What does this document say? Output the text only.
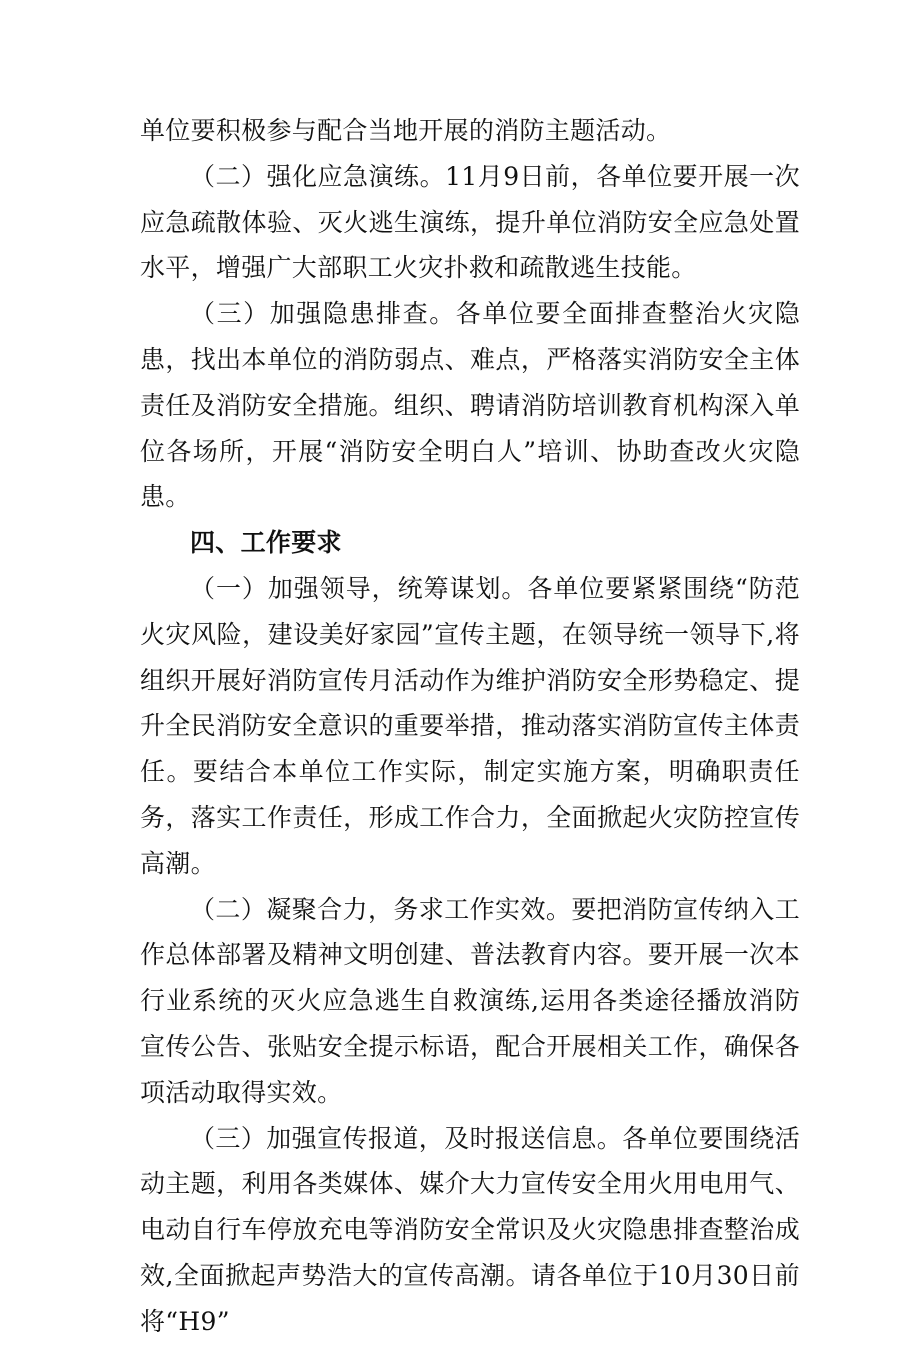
单位要积极参与配合当地开展的消防主题活动。

（二）强化应急演练。11月9日前，各单位要开展一次应急疏散体验、灭火逃生演练，提升单位消防安全应急处置水平，增强广大部职工火灾扑救和疏散逃生技能。

（三）加强隐患排查。各单位要全面排查整治火灾隐患，找出本单位的消防弱点、难点，严格落实消防安全主体责任及消防安全措施。组织、聘请消防培训教育机构深入单位各场所，开展“消防安全明白人”培训、协助查改火灾隐患。

四、工作要求

（一）加强领导，统筹谋划。各单位要紧紧围绕“防范火灾风险，建设美好家园”宣传主题，在领导统一领导下,将组织开展好消防宣传月活动作为维护消防安全形势稳定、提升全民消防安全意识的重要举措，推动落实消防宣传主体责任。要结合本单位工作实际，制定实施方案，明确职责任务，落实工作责任，形成工作合力，全面掀起火灾防控宣传高潮。

（二）凝聚合力，务求工作实效。要把消防宣传纳入工作总体部署及精神文明创建、普法教育内容。要开展一次本行业系统的灭火应急逃生自救演练,运用各类途径播放消防宣传公告、张贴安全提示标语，配合开展相关工作，确保各项活动取得实效。

（三）加强宣传报道，及时报送信息。各单位要围绕活动主题，利用各类媒体、媒介大力宣传安全用火用电用气、电动自行车停放充电等消防安全常识及火灾隐患排查整治成效,全面掀起声势浩大的宣传高潮。请各单位于10月30日前将“H9”
